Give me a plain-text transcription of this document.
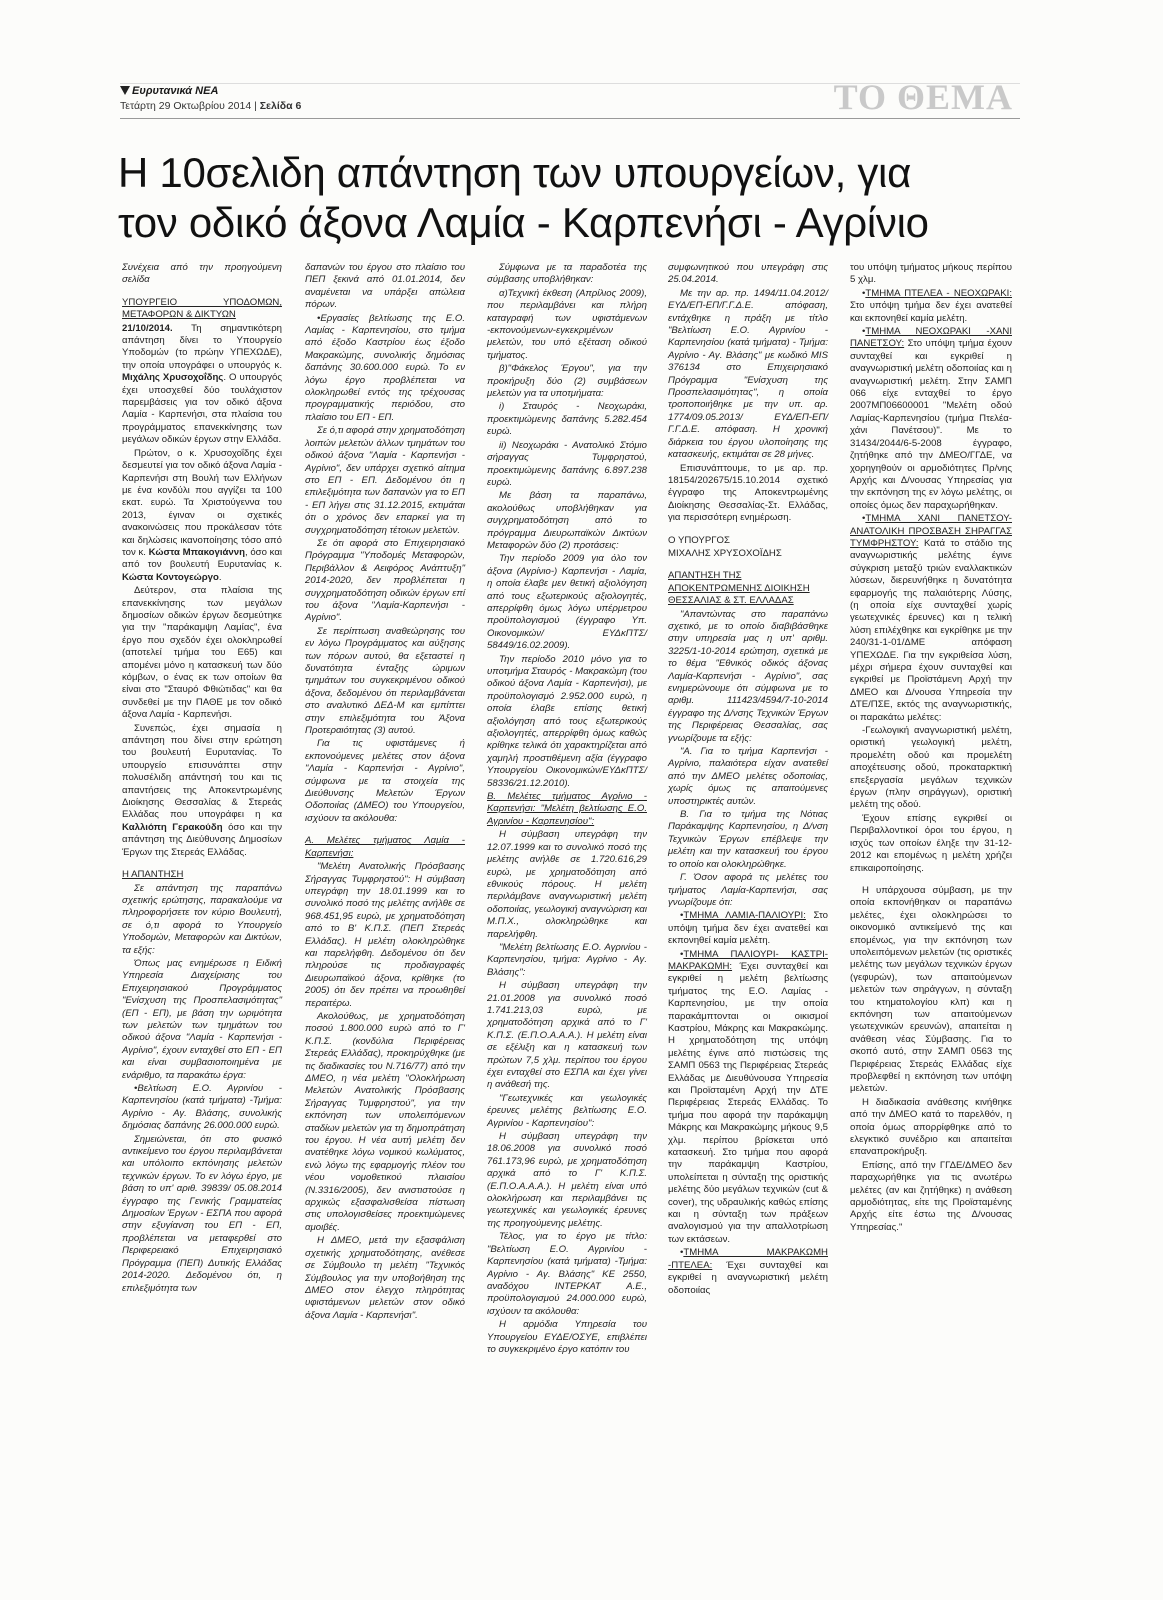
Ευρυτανικά ΝΕΑ
Τετάρτη 29 Οκτωβρίου 2014 | Σελίδα 6	ΤΟ ΘΕΜΑ
Η 10σελιδη απάντηση των υπουργείων, για
τον οδικό άξονα Λαμία - Καρπενήσι - Αγρίνιο

Συνέχεια από την προηγούμενη σελίδα

ΥΠΟΥΡΓΕΙΟ ΥΠΟΔΟΜΩΝ, ΜΕΤΑΦΟΡΩΝ & ΔΙΚΤΥΩΝ

21/10/2014. Τη σημαντικότερη απάντηση δίνει το Υπουργείο Υποδομών (το πρώην ΥΠΕΧΩΔΕ), την οποία υπογράφει ο υπουργός κ. Μιχάλης Χρυσοχοΐδης. Ο υπουργός έχει υποσχεθεί δύο τουλάχιστον παρεμβάσεις για τον οδικό άξονα Λαμία - Καρπενήσι, στα πλαίσια του προγράμματος επανεκκίνησης των μεγάλων οδικών έργων στην Ελλάδα.

Πρώτον, ο κ. Χρυσοχοΐδης έχει δεσμευτεί για τον οδικό άξονα Λαμία - Καρπενήσι στη Βουλή των Ελλήνων με ένα κονδύλι που αγγίζει τα 100 εκατ. ευρώ. Τα Χριστούγεννα του 2013, έγιναν οι σχετικές ανακοινώσεις που προκάλεσαν τότε και δηλώσεις ικανοποίησης τόσο από τον κ. Κώστα Μπακογιάννη, όσο και από τον βουλευτή Ευρυτανίας κ. Κώστα Κοντογεώργο.

Δεύτερον, στα πλαίσια της επανεκκίνησης των μεγάλων δημοσίων οδικών έργων δεσμεύτηκε για την "παράκαμψη Λαμίας", ένα έργο που σχεδόν έχει ολοκληρωθεί (αποτελεί τμήμα του Ε65) και απομένει μόνο η κατασκευή των δύο κόμβων, ο ένας εκ των οποίων θα είναι στο "Σταυρό Φθιώτιδας" και θα συνδεθεί με την ΠΑΘΕ με τον οδικό άξονα Λαμία - Καρπενήσι.

Συνεπώς, έχει σημασία η απάντηση που δίνει στην ερώτηση του βουλευτή Ευρυτανίας. Το υπουργείο επισυνάπτει στην πολυσέλιδη απάντησή του και τις απαντήσεις της Αποκεντρωμένης Διοίκησης Θεσσαλίας & Στερεάς Ελλάδας που υπογράφει η κα Καλλιόπη Γερακούδη όσο και την απάντηση της Διεύθυνσης Δημοσίων Έργων της Στερεάς Ελλάδας.

Η ΑΠΑΝΤΗΣΗ

Σε απάντηση της παραπάνω σχετικής ερώτησης, παρακαλούμε να πληροφορήσετε τον κύριο Βουλευτή, σε ό,τι αφορά το Υπουργείο Υποδομών, Μεταφορών και Δικτύων, τα εξής:

Όπως μας ενημέρωσε η Ειδική Υπηρεσία Διαχείρισης του Επιχειρησιακού Προγράμματος "Ενίσχυση της Προσπελασιμότητας" (ΕΠ - ΕΠ), με βάση την ωριμότητα των μελετών των τμημάτων του οδικού άξονα "Λαμία - Καρπενήσι - Αγρίνιο", έχουν ενταχθεί στο ΕΠ - ΕΠ και είναι συμβασιοποιημένα με ενάριθμο, τα παρακάτω έργα:

• Βελτίωση Ε.Ο. Αγρινίου - Καρπενησίου (κατά τμήματα) -Τμήμα: Αγρίνιο - Αγ. Βλάσης, συνολικής δημόσιας δαπάνης 26.000.000 ευρώ.

Σημειώνεται, ότι στο φυσικό αντικείμενο του έργου περιλαμβάνεται και υπόλοιπο εκπόνησης μελετών τεχνικών έργων. Το εν λόγω έργο, με βάση το υπ' αριθ. 39839/ 05.08.2014 έγγραφο της Γενικής Γραμματείας Δημοσίων Έργων - ΕΣΠΑ που αφορά στην εξυγίανση του ΕΠ - ΕΠ, προβλέπεται να μεταφερθεί στο Περιφερειακό Επιχειρησιακό Πρόγραμμα (ΠΕΠ) Δυτικής Ελλάδας 2014-2020. Δεδομένου ότι, η επιλεξιμότητα των

δαπανών του έργου στο πλαίσιο του ΠΕΠ ξεκινά από 01.01.2014, δεν αναμένεται να υπάρξει απώλεια πόρων.

• Εργασίες βελτίωσης της Ε.Ο. Λαμίας - Καρπενησίου, στο τμήμα από έξοδο Καστρίου έως έξοδο Μακρακώμης, συνολικής δημόσιας δαπάνης 30.600.000 ευρώ. Το εν λόγω έργο προβλέπεται να ολοκληρωθεί εντός της τρέχουσας προγραμματικής περιόδου, στο πλαίσιο του ΕΠ - ΕΠ.

Σε ό,τι αφορά στην χρηματοδότηση λοιπών μελετών άλλων τμημάτων του οδικού άξονα "Λαμία - Καρπενήσι - Αγρίνιο", δεν υπάρχει σχετικό αίτημα στο ΕΠ - ΕΠ. Δεδομένου ότι η επιλεξιμότητα των δαπανών για το ΕΠ - ΕΠ λήγει στις 31.12.2015, εκτιμάται ότι ο χρόνος δεν επαρκεί για τη συγχρηματοδότηση τέτοιων μελετών.

Σε ότι αφορά στο Επιχειρησιακό Πρόγραμμα "Υποδομές Μεταφορών, Περιβάλλον & Αειφόρος Ανάπτυξη" 2014-2020, δεν προβλέπεται η συγχρηματοδότηση οδικών έργων επί του άξονα "Λαμία-Καρπενήσι - Αγρίνιο".

Σε περίπτωση αναθεώρησης του εν λόγω Προγράμματος και αύξησης των πόρων αυτού, θα εξεταστεί η δυνατότητα ένταξης ώριμων τμημάτων του συγκεκριμένου οδικού άξονα, δεδομένου ότι περιλαμβάνεται στο αναλυτικό ΔΕΔ-Μ και εμπίπτει στην επιλεξιμότητα του Άξονα Προτεραιότητας (3) αυτού.

Για τις υφιστάμενες ή εκπονούμενες μελέτες στον άξονα "Λαμία - Καρπενήσι - Αγρίνιο", σύμφωνα με τα στοιχεία της Διεύθυνσης Μελετών Έργων Οδοποιίας (ΔΜΕΟ) του Υπουργείου, ισχύουν τα ακόλουθα:

Α. Μελέτες τμήματος Λαμία - Καρπενήσι:

"Μελέτη Ανατολικής Πρόσβασης Σήραγγας Τυμφρηστού": Η σύμβαση υπεγράφη την 18.01.1999 και το συνολικό ποσό της μελέτης ανήλθε σε 968.451,95 ευρώ, με χρηματοδότηση από το Β' Κ.Π.Σ. (ΠΕΠ Στερεάς Ελλάδας). Η μελέτη ολοκληρώθηκε και παρελήφθη. Δεδομένου ότι δεν πληρούσε τις προδιαγραφές Διευρωπαϊκού άξονα, κρίθηκε (το 2005) ότι δεν πρέπει να προωθηθεί περαιτέρω.

Ακολούθως, με χρηματοδότηση ποσού 1.800.000 ευρώ από το Γ' Κ.Π.Σ. (κονδύλια Περιφέρειας Στερεάς Ελλάδας), προκηρύχθηκε (με τις διαδικασίες του Ν.716/77) από την ΔΜΕΟ, η νέα μελέτη "Ολοκλήρωση Μελετών Ανατολικής Πρόσβασης Σήραγγας Τυμφρηστού", για την εκπόνηση των υπολειπόμενων σταδίων μελετών για τη δημοπράτηση του έργου. Η νέα αυτή μελέτη δεν ανατέθηκε λόγω νομικού κωλύματος, ενώ λόγω της εφαρμογής πλέον του νέου νομοθετικού πλαισίου (Ν.3316/2005), δεν ανιστιστούσε η αρχικώς εξασφαλισθείσα πίστωση στις υπολογισθείσες προεκτιμώμενες αμοιβές.

Η ΔΜΕΟ, μετά την εξασφάλιση σχετικής χρηματοδότησης, ανέθεσε σε Σύμβουλο τη μελέτη "Τεχνικός Σύμβουλος για την υποβοήθηση της ΔΜΕΟ στον έλεγχο πληρότητας υφιστάμενων μελετών στον οδικό άξονα Λαμία - Καρπενήσι".

Σύμφωνα με τα παραδοτέα της σύμβασης υποβλήθηκαν:

α)Τεχνική έκθεση (Απρίλιος 2009), που περιλαμβάνει και πλήρη καταγραφή των υφιστάμενων -εκπονούμενων-εγκεκριμένων μελετών, του υπό εξέταση οδικού τμήματος.

β)"Φάκελος Έργου", για την προκήρυξη δύο (2) συμβάσεων μελετών για τα υποτμήματα:

i) Σταυρός - Νεοχωράκι, προεκτιμώμενης δαπάνης 5.282.454 ευρώ.

ii) Νεοχωράκι - Ανατολικό Στόμιο σήραγγας Τυμφρηστού, προεκτιμώμενης δαπάνης 6.897.238 ευρώ.

Με βάση τα παραπάνω, ακολούθως υποβλήθηκαν για συγχρηματοδότηση από το πρόγραμμα Διευρωπαϊκών Δικτύων Μεταφορών δύο (2) προτάσεις:

Την περίοδο 2009 για όλο τον άξονα (Αγρίνιο-) Καρπενήσι - Λαμία, η οποία έλαβε μεν θετική αξιολόγηση από τους εξωτερικούς αξιολογητές, απερρίφθη όμως λόγω υπέρμετρου προϋπολογισμού (έγγραφο Υπ. Οικονομικών/ ΕΥΔκΠΤΣ/ 58449/16.02.2009).

Την περίοδο 2010 μόνο για το υποτμήμα Σταυρός - Μακρακώμη (του οδικού άξονα Λαμία - Καρπενήσι), με προϋπολογισμό 2.952.000 ευρώ, η οποία έλαβε επίσης θετική αξιολόγηση από τους εξωτερικούς αξιολογητές, απερρίφθη όμως καθώς κρίθηκε τελικά ότι χαρακτηρίζεται από χαμηλή προστιθέμενη αξία (έγγραφο Υπουργείου Οικονομικών/ΕΥΔκΠΤΣ/ 58336/21.12.2010).

Β. Μελέτες τμήματος Αγρίνιο - Καρπενήσι: "Μελέτη βελτίωσης Ε.Ο. Αγρινίου - Καρπενησίου":

Η σύμβαση υπεγράφη την 12.07.1999 και το συνολικό ποσό της μελέτης ανήλθε σε 1.720.616,29 ευρώ, με χρηματοδότηση από εθνικούς πόρους. Η μελέτη περιλάμβανε αναγνωριστική μελέτη οδοποιίας, γεωλογική αναγνώριση και Μ.Π.Χ., ολοκληρώθηκε και παρελήφθη.

"Μελέτη βελτίωσης Ε.Ο. Αγρινίου - Καρπενησίου, τμήμα: Αγρίνιο - Αγ. Βλάσης":

Η σύμβαση υπεγράφη την 21.01.2008 για συνολικό ποσό 1.741.213,03 ευρώ, με χρηματοδότηση αρχικά από το Γ' Κ.Π.Σ. (Ε.Π.Ο.Α.Α.Α.). Η μελέτη είναι σε εξέλιξη και η κατασκευή των πρώτων 7,5 χλμ. περίπου του έργου έχει ενταχθεί στο ΕΣΠΑ και έχει γίνει η ανάθεσή της.

"Γεωτεχνικές και γεωλογικές έρευνες μελέτης βελτίωσης Ε.Ο. Αγρινίου - Καρπενησίου":

Η σύμβαση υπεγράφη την 18.06.2008 για συνολικό ποσό 761.173,96 ευρώ, με χρηματοδότηση αρχικά από το Γ' Κ.Π.Σ. (Ε.Π.Ο.Α.Α.Α.). Η μελέτη είναι υπό ολοκλήρωση και περιλαμβάνει τις γεωτεχνικές και γεωλογικές έρευνες της προηγούμενης μελέτης.

Τέλος, για το έργο με τίτλο: "Βελτίωση Ε.Ο. Αγρινίου - Καρπενησίου (κατά τμήματα) -Τμήμα: Αγρίνιο - Αγ. Βλάσης" ΚΕ 2550, αναδόχου ΙΝΤΕΡΚΑΤ Α.Ε., προϋπολογισμού 24.000.000 ευρώ, ισχύουν τα ακόλουθα:

Η αρμόδια Υπηρεσία του Υπουργείου ΕΥΔΕ/ΟΣΥΕ, επιβλέπει το συγκεκριμένο έργο κατόπιν του

συμφωνητικού που υπεγράφη στις 25.04.2014.

Με την αρ. πρ. 1494/11.04.2012/ΕΥΔ/ΕΠ-ΕΠ/Γ.Γ.Δ.Ε. απόφαση, εντάχθηκε η πράξη με τίτλο "Βελτίωση Ε.Ο. Αγρινίου - Καρπενησίου (κατά τμήματα) - Τμήμα: Αγρίνιο - Αγ. Βλάσης" με κωδικό MIS 376134 στο Επιχειρησιακό Πρόγραμμα "Ενίσχυση της Προσπελασιμότητας", η οποία τροποποιήθηκε με την υπ. αρ. 1774/09.05.2013/ ΕΥΔ/ΕΠ-ΕΠ/Γ.Γ.Δ.Ε. απόφαση. Η χρονική διάρκεια του έργου υλοποίησης της κατασκευής, εκτιμάται σε 28 μήνες.

Επισυνάπτουμε, το με αρ. πρ. 18154/202675/15.10.2014 σχετικό έγγραφο της Αποκεντρωμένης Διοίκησης Θεσσαλίας-Στ. Ελλάδας, για περισσότερη ενημέρωση.

Ο ΥΠΟΥΡΓΟΣ

ΜΙΧΑΛΗΣ ΧΡΥΣΟΧΟΪΔΗΣ

ΑΠΑΝΤΗΣΗ ΤΗΣ ΑΠΟΚΕΝΤΡΩΜΕΝΗΣ ΔΙΟΙΚΗΣΗ ΘΕΣΣΑΛΙΑΣ & ΣΤ. ΕΛΛΑΔΑΣ

"Απαντώντας στο παραπάνω σχετικό, με το οποίο διαβιβάσθηκε στην υπηρεσία μας η υπ' αριθμ. 3225/1-10-2014 ερώτηση, σχετικά με το θέμα "Εθνικός οδικός άξονας Λαμία-Καρπενήσι - Αγρίνιο", σας ενημερώνουμε ότι σύμφωνα με το αριθμ. 111423/4594/7-10-2014 έγγραφο της Δ/νσης Τεχνικών Έργων της Περιφέρειας Θεσσαλίας, σας γνωρίζουμε τα εξής:

"Α. Για το τμήμα Καρπενήσι - Αγρίνιο, παλαιότερα είχαν ανατεθεί από την ΔΜΕΟ μελέτες οδοποιίας, χωρίς όμως τις απαιτούμενες υποστηρικτές αυτών.

Β. Για το τμήμα της Νότιας Παράκαμψης Καρπενησίου, η Δ/νση Τεχνικών Έργων επέβλεψε την μελέτη και την κατασκευή του έργου το οποίο και ολοκληρώθηκε.

Γ. Όσον αφορά τις μελέτες του τμήματος Λαμία-Καρπενήσι, σας γνωρίζουμε ότι:

• ΤΜΗΜΑ ΛΑΜΙΑ-ΠΑΛΙΟΥΡΙ: Στο υπόψη τμήμα δεν έχει ανατεθεί και εκπονηθεί καμία μελέτη.

• ΤΜΗΜΑ ΠΑΛΙΟΥΡΙ- ΚΑΣΤΡΙ-ΜΑΚΡΑΚΩΜΗ: Έχει συνταχθεί και εγκριθεί η μελέτη βελτίωσης τμήματος της Ε.Ο. Λαμίας - Καρπενησίου, με την οποία παρακάμπτονται οι οικισμοί Καστρίου, Μάκρης και Μακρακώμης. Η χρηματοδότηση της υπόψη μελέτης έγινε από πιστώσεις της ΣΑΜΠ 0563 της Περιφέρειας Στερεάς Ελλάδας με Διευθύνουσα Υπηρεσία και Προϊσταμένη Αρχή την ΔΤΕ Περιφέρειας Στερεάς Ελλάδας. Το τμήμα που αφορά την παράκαμψη Μάκρης και Μακρακώμης μήκους 9,5 χλμ. περίπου βρίσκεται υπό κατασκευή. Στο τμήμα που αφορά την παράκαμψη Καστρίου, υπολείπεται η σύνταξη της οριστικής μελέτης δύο μεγάλων τεχνικών (cut & cover), της υδραυλικής καθώς επίσης και η σύνταξη των πράξεων αναλογισμού για την απαλλοτρίωση των εκτάσεων.

• ΤΜΗΜΑ ΜΑΚΡΑΚΩΜΗ -ΠΤΕΛΕΑ: Έχει συνταχθεί και εγκριθεί η αναγνωριστική μελέτη οδοποιίας

του υπόψη τμήματος μήκους περίπου 5 χλμ.

• ΤΜΗΜΑ ΠΤΕΛΕΑ - ΝΕΟΧΩΡΑΚΙ: Στο υπόψη τμήμα δεν έχει ανατεθεί και εκπονηθεί καμία μελέτη.

• ΤΜΗΜΑ ΝΕΟΧΩΡΑΚΙ -ΧΑΝΙ ΠΑΝΕΤΣΟΥ: Στο υπόψη τμήμα έχουν συνταχθεί και εγκριθεί η αναγνωριστική μελέτη οδοποιίας και η αναγνωριστική μελέτη. Στην ΣΑΜΠ 066 είχε ενταχθεί το έργο 2007ΜΠ06600001 "Μελέτη οδού Λαμίας-Καρπενησίου (τμήμα Πτελέα- χάνι Πανέτσου)". Με το 31434/2044/6-5-2008 έγγραφο, ζητήθηκε από την ΔΜΕΟ/ΓΓΔΕ, να χορηγηθούν οι αρμοδιότητες Πρ/νης Αρχής και Δ/νουσας Υπηρεσίας για την εκπόνηση της εν λόγω μελέτης, οι οποίες όμως δεν παραχωρήθηκαν.

• ΤΜΗΜΑ ΧΑΝΙ ΠΑΝΕΤΣΟΥ-ΑΝΑΤΟΛΙΚΗ ΠΡΟΣΒΑΣΗ ΣΗΡΑΓΓΑΣ ΤΥΜΦΡΗΣΤΟΥ: Κατά το στάδιο της αναγνωριστικής μελέτης έγινε σύγκριση μεταξύ τριών εναλλακτικών λύσεων, διερευνήθηκε η δυνατότητα εφαρμογής της παλαιότερης Λύσης, (η οποία είχε συνταχθεί χωρίς γεωτεχνικές έρευνες) και η τελική λύση επιλέχθηκε και εγκρίθηκε με την 240/31-1-01/ΔΜΕ απόφαση ΥΠΕΧΩΔΕ. Για την εγκριθείσα λύση, μέχρι σήμερα έχουν συνταχθεί και εγκριθεί με Προϊστάμενη Αρχή την ΔΜΕΟ και Δ/νουσα Υπηρεσία την ΔΤΕ/ΠΣΕ, εκτός της αναγνωριστικής, οι παρακάτω μελέτες:

-Γεωλογική αναγνωριστική μελέτη, οριστική γεωλογική μελέτη, προμελέτη οδού και προμελέτη αποχέτευσης οδού, προκαταρκτική επεξεργασία μεγάλων τεχνικών έργων (πλην σηράγγων), οριστική μελέτη της οδού.

Έχουν επίσης εγκριθεί οι Περιβαλλοντικοί όροι του έργου, η ισχύς των οποίων έληξε την 31-12-2012 και επομένως η μελέτη χρήζει επικαιροποίησης.

Η υπάρχουσα σύμβαση, με την οποία εκπονήθηκαν οι παραπάνω μελέτες, έχει ολοκληρώσει το οικονομικό αντικείμενό της και επομένως, για την εκπόνηση των υπολειπόμενων μελετών (τις οριστικές μελέτης των μεγάλων τεχνικών έργων (γεφυρών), των απαιτούμενων μελετών των σηράγγων, η σύνταξη του κτηματολογίου κλπ) και η εκπόνηση των απαιτούμενων γεωτεχνικών ερευνών), απαιτείται η ανάθεση νέας Σύμβασης. Για το σκοπό αυτό, στην ΣΑΜΠ 0563 της Περιφέρειας Στερεάς Ελλάδας είχε προβλεφθεί η εκπόνηση των υπόψη μελετών.

Η διαδικασία ανάθεσης κινήθηκε από την ΔΜΕΟ κατά το παρελθόν, η οποία όμως απορρίφθηκε από το ελεγκτικό συνέδριο και απαιτείται επαναπροκήρυξη.

Επίσης, από την ΓΓΔΕ/ΔΜΕΟ δεν παραχωρήθηκε για τις ανωτέρω μελέτες (αν και ζητήθηκε) η ανάθεση αρμοδιότητας, είτε της Προϊσταμένης Αρχής είτε έστω της Δ/νουσας Υπηρεσίας."
